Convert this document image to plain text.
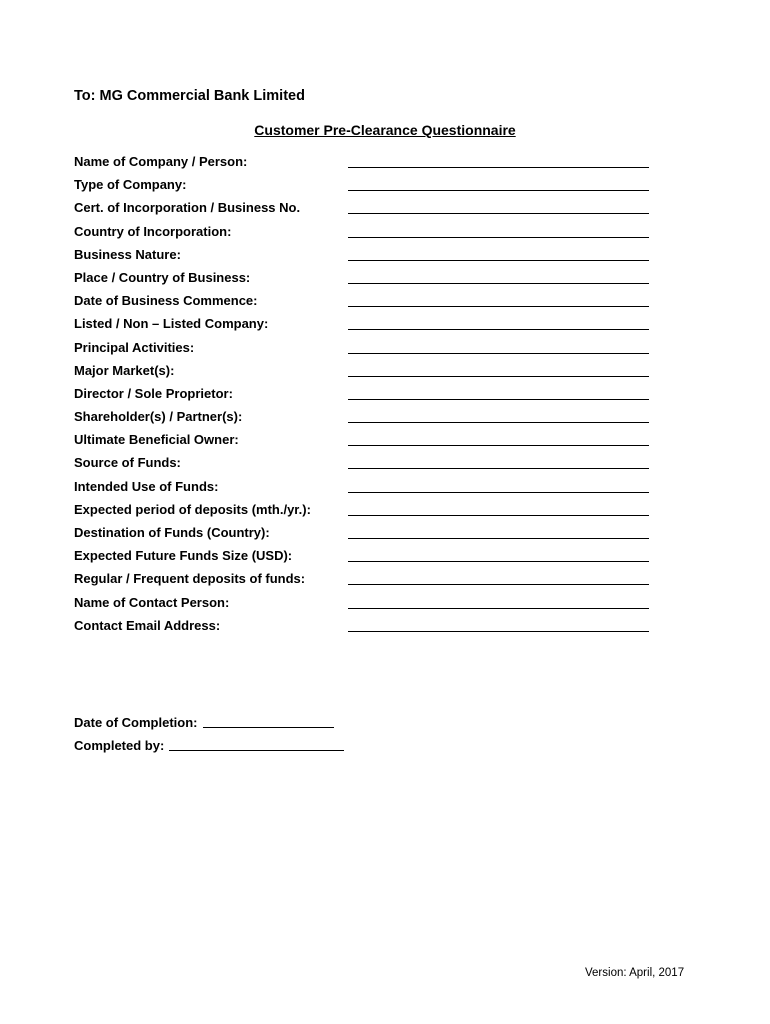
To: MG Commercial Bank Limited
Customer Pre-Clearance Questionnaire
Name of Company / Person:
Type of Company:
Cert. of Incorporation / Business No.
Country of Incorporation:
Business Nature:
Place / Country of Business:
Date of Business Commence:
Listed / Non – Listed Company:
Principal Activities:
Major Market(s):
Director / Sole Proprietor:
Shareholder(s) / Partner(s):
Ultimate Beneficial Owner:
Source of Funds:
Intended Use of Funds:
Expected period of deposits (mth./yr.):
Destination of Funds (Country):
Expected Future Funds Size (USD):
Regular / Frequent deposits of funds:
Name of Contact Person:
Contact Email Address:
Date of Completion:
Completed by:
Version: April, 2017
